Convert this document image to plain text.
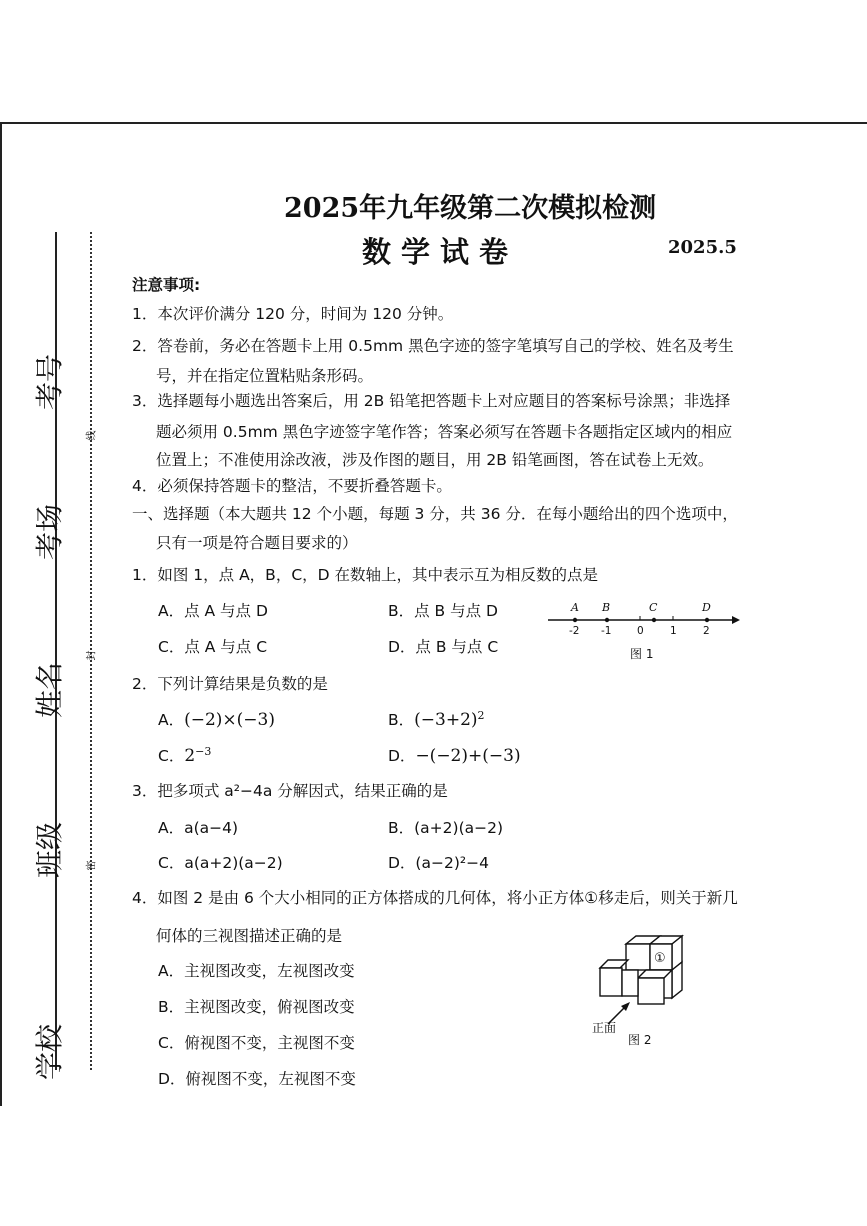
考号
考场
姓名
班级
学校
线
封
密
2025年九年级第二次模拟检测
数学试卷	2025.5
注意事项:
1．本次评价满分 120 分，时间为 120 分钟。
2．答卷前，务必在答题卡上用 0.5mm 黑色字迹的签字笔填写自己的学校、姓名及考生
号，并在指定位置粘贴条形码。
3．选择题每小题选出答案后，用 2B 铅笔把答题卡上对应题目的答案标号涂黑；非选择
题必须用 0.5mm 黑色字迹签字笔作答；答案必须写在答题卡各题指定区域内的相应
位置上；不准使用涂改液，涉及作图的题目，用 2B 铅笔画图，答在试卷上无效。
4．必须保持答题卡的整洁，不要折叠答题卡。
一、选择题（本大题共 12 个小题，每题 3 分，共 36 分．在每小题给出的四个选项中，
只有一项是符合题目要求的）
1．如图 1，点 A，B，C，D 在数轴上，其中表示互为相反数的点是
A．点 A 与点 D	B．点 B 与点 D
C．点 A 与点 C	D．点 B 与点 C
A B	C	D
-2 -1 0	1	2
图 1
2．下列计算结果是负数的是
A．(−2)×(−3)	B．$(-3+2)^2$
C．$2^{-3}$	D．−(−2)+(−3)
3．把多项式 a²−4a 分解因式，结果正确的是
A．a(a−4)	B．(a+2)(a−2)
C．a(a+2)(a−2)	D．(a−2)²−4
4．如图 2 是由 6 个大小相同的正方体搭成的几何体，将小正方体①移走后，则关于新几
何体的三视图描述正确的是
A．主视图改变，左视图改变
B．主视图改变，俯视图改变
C．俯视图不变，主视图不变
D．俯视图不变，左视图不变
①
正面
图 2
